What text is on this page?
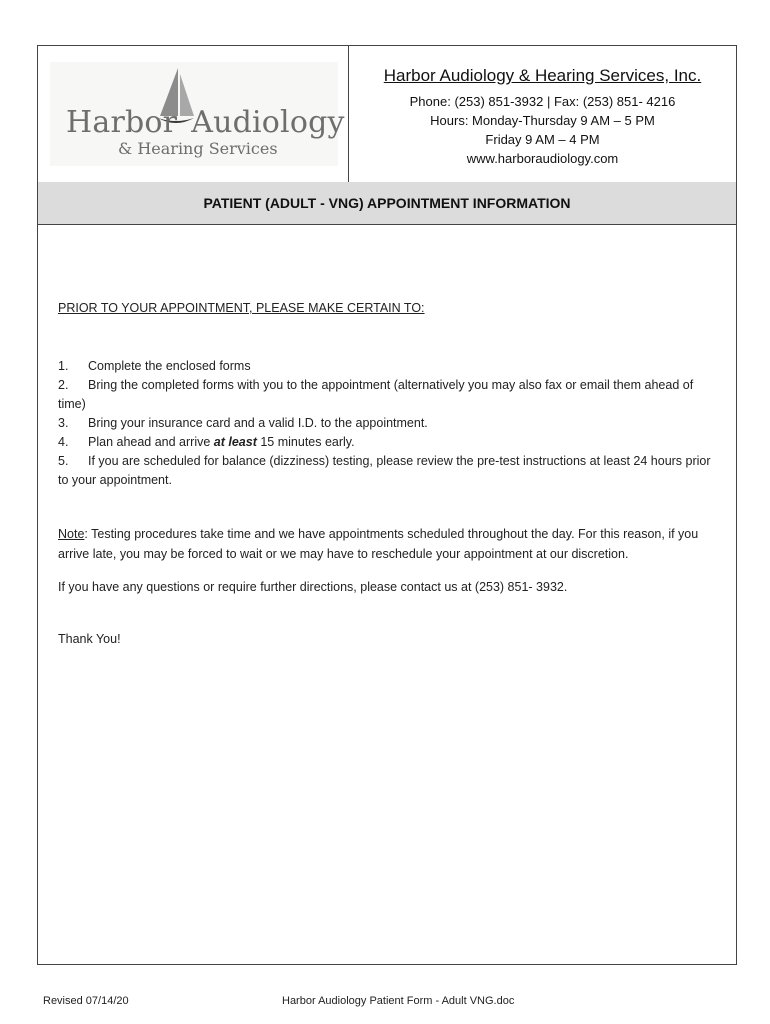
Harbor Audiology
& Hearing Services
Harbor Audiology & Hearing Services, Inc.
Phone: (253) 851-3932 | Fax: (253) 851- 4216
Hours: Monday-Thursday 9 AM – 5 PM
Friday 9 AM – 4 PM
www.harboraudiology.com
PATIENT (ADULT - VNG) APPOINTMENT INFORMATION
PRIOR TO YOUR APPOINTMENT, PLEASE MAKE CERTAIN TO:
1. Complete the enclosed forms
2. Bring the completed forms with you to the appointment (alternatively you may also fax or email them ahead of time)
3. Bring your insurance card and a valid I.D. to the appointment.
4. Plan ahead and arrive at least 15 minutes early.
5. If you are scheduled for balance (dizziness) testing, please review the pre-test instructions at least 24 hours prior to your appointment.
Note: Testing procedures take time and we have appointments scheduled throughout the day. For this reason, if you arrive late, you may be forced to wait or we may have to reschedule your appointment at our discretion.
If you have any questions or require further directions, please contact us at (253) 851- 3932.
Thank You!
Revised 07/14/20	Harbor Audiology Patient Form - Adult VNG.doc
